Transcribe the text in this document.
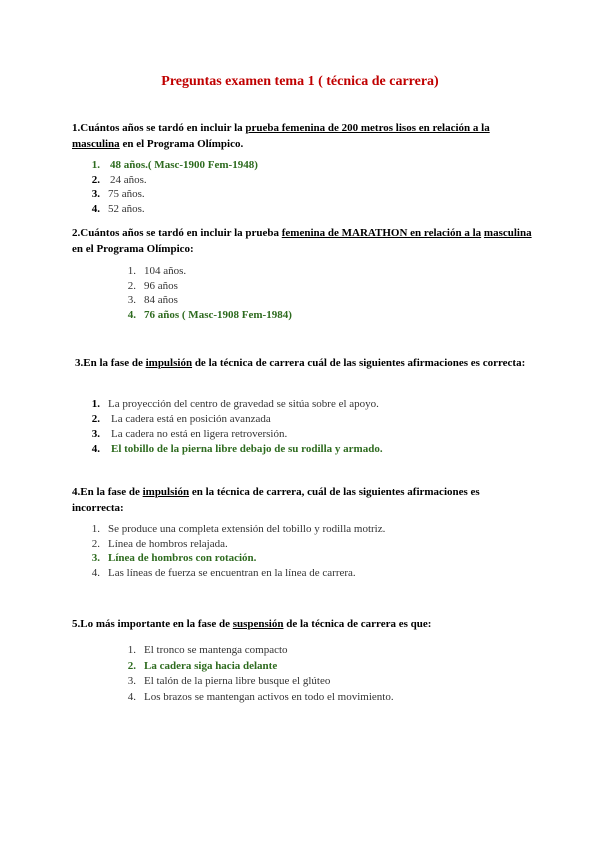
Preguntas examen tema 1 ( técnica de carrera)
1.Cuántos años se tardó en incluir la prueba femenina de 200 metros lisos en relación a la masculina en el Programa Olímpico.
1. 48 años.( Masc-1900 Fem-1948)
2. 24 años.
3. 75 años.
4. 52 años.
2.Cuántos años se tardó en incluir la prueba femenina de MARATHON en relación a la masculina en el Programa Olímpico:
1. 104 años.
2. 96 años
3. 84 años
4. 76 años ( Masc-1908 Fem-1984)
3.En la fase de impulsión de la técnica de carrera cuál de las siguientes afirmaciones es correcta:
1. La proyección del centro de gravedad se sitúa sobre el apoyo.
2. La cadera está en posición avanzada
3. La cadera no está en ligera retroversión.
4. El tobillo de la pierna libre debajo de su rodilla y armado.
4.En la fase de impulsión en la técnica de carrera, cuál de las siguientes afirmaciones es incorrecta:
1. Se produce una completa extensión del tobillo y rodilla motriz.
2. Línea de hombros relajada.
3. Línea de hombros con rotación.
4. Las líneas de fuerza se encuentran en la línea de carrera.
5.Lo más importante en la fase de suspensión de la técnica de carrera es que:
1. El tronco se mantenga compacto
2. La cadera siga hacia delante
3. El talón de la pierna libre busque el glúteo
4. Los brazos se mantengan activos en todo el movimiento.
